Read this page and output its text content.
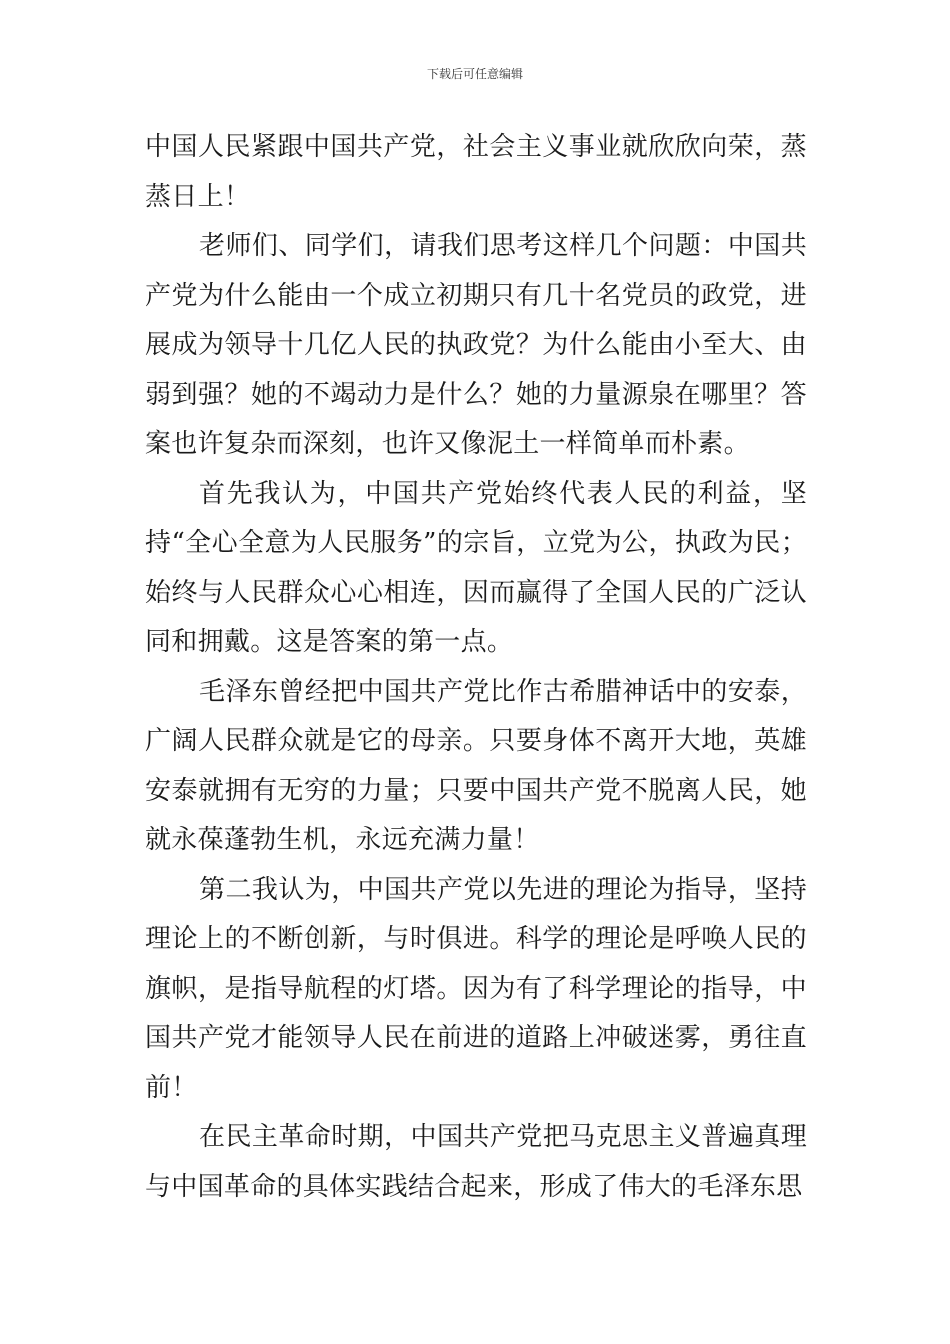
下载后可任意编辑

中国人民紧跟中国共产党，社会主义事业就欣欣向荣，蒸蒸日上！

老师们、同学们，请我们思考这样几个问题：中国共产党为什么能由一个成立初期只有几十名党员的政党，进展成为领导十几亿人民的执政党？为什么能由小至大、由弱到强？她的不竭动力是什么？她的力量源泉在哪里？答案也许复杂而深刻，也许又像泥土一样简单而朴素。

首先我认为，中国共产党始终代表人民的利益，坚持“全心全意为人民服务”的宗旨，立党为公，执政为民；始终与人民群众心心相连，因而赢得了全国人民的广泛认同和拥戴。这是答案的第一点。

毛泽东曾经把中国共产党比作古希腊神话中的安泰，广阔人民群众就是它的母亲。只要身体不离开大地，英雄安泰就拥有无穷的力量；只要中国共产党不脱离人民，她就永葆蓬勃生机，永远充满力量！

第二我认为，中国共产党以先进的理论为指导，坚持理论上的不断创新，与时俱进。科学的理论是呼唤人民的旗帜，是指导航程的灯塔。因为有了科学理论的指导，中国共产党才能领导人民在前进的道路上冲破迷雾，勇往直前！

在民主革命时期，中国共产党把马克思主义普遍真理与中国革命的具体实践结合起来，形成了伟大的毛泽东思
